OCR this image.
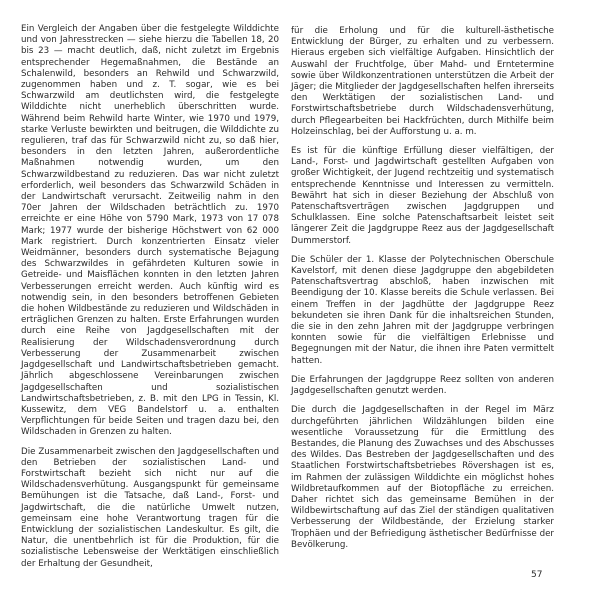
Ein Vergleich der Angaben über die festgelegte Wilddichte und von Jahresstrecken — siehe hierzu die Tabellen 18, 20 bis 23 — macht deutlich, daß, nicht zuletzt im Ergebnis entsprechender Hegemaßnahmen, die Bestände an Schalenwild, besonders an Rehwild und Schwarzwild, zugenommen haben und z. T. sogar, wie es bei Schwarzwild am deutlichsten wird, die festgelegte Wilddichte nicht unerheblich überschritten wurde. Während beim Rehwild harte Winter, wie 1970 und 1979, starke Verluste bewirkten und beitrugen, die Wilddichte zu regulieren, traf das für Schwarzwild nicht zu, so daß hier, besonders in den letzten Jahren, außerordentliche Maßnahmen notwendig wurden, um den Schwarzwildbestand zu reduzieren. Das war nicht zuletzt erforderlich, weil besonders das Schwarzwild Schäden in der Landwirtschaft verursacht. Zeitweilig nahm in den 70er Jahren der Wildschaden beträchtlich zu. 1970 erreichte er eine Höhe von 5790 Mark, 1973 von 17 078 Mark; 1977 wurde der bisherige Höchstwert von 62 000 Mark registriert. Durch konzentrierten Einsatz vieler Weidmänner, besonders durch systematische Bejagung des Schwarzwildes in gefährdeten Kulturen sowie in Getreide- und Maisflächen konnten in den letzten Jahren Verbesserungen erreicht werden. Auch künftig wird es notwendig sein, in den besonders betroffenen Gebieten die hohen Wildbestände zu reduzieren und Wildschäden in erträglichen Grenzen zu halten. Erste Erfahrungen wurden durch eine Reihe von Jagdgesellschaften mit der Realisierung der Wildschadensverordnung durch Verbesserung der Zusammenarbeit zwischen Jagdgesellschaft und Landwirtschaftsbetrieben gemacht. Jährlich abgeschlossene Vereinbarungen zwischen Jagdgesellschaften und sozialistischen Landwirtschaftsbetrieben, z. B. mit den LPG in Tessin, Kl. Kussewitz, dem VEG Bandelstorf u. a. enthalten Verpflichtungen für beide Seiten und tragen dazu bei, den Wildschaden in Grenzen zu halten.

Die Zusammenarbeit zwischen den Jagdgesellschaften und den Betrieben der sozialistischen Land- und Forstwirtschaft bezieht sich nicht nur auf die Wildschadensverhütung. Ausgangspunkt für gemeinsame Bemühungen ist die Tatsache, daß Land-, Forst- und Jagdwirtschaft, die die natürliche Umwelt nutzen, gemeinsam eine hohe Verantwortung tragen für die Entwicklung der sozialistischen Landeskultur. Es gilt, die Natur, die unentbehrlich ist für die Produktion, für die sozialistische Lebensweise der Werktätigen einschließlich der Erhaltung der Gesundheit,

für die Erholung und für die kulturell-ästhetische Entwicklung der Bürger, zu erhalten und zu verbessern. Hieraus ergeben sich vielfältige Aufgaben. Hinsichtlich der Auswahl der Fruchtfolge, über Mahd- und Erntetermine sowie über Wildkonzentrationen unterstützen die Arbeit der Jäger; die Mitglieder der Jagdgesellschaften helfen ihrerseits den Werktätigen der sozialistischen Land- und Forstwirtschaftsbetriebe durch Wildschadensverhütung, durch Pflegearbeiten bei Hackfrüchten, durch Mithilfe beim Holzeinschlag, bei der Aufforstung u. a. m.

Es ist für die künftige Erfüllung dieser vielfältigen, der Land-, Forst- und Jagdwirtschaft gestellten Aufgaben von großer Wichtigkeit, der Jugend rechtzeitig und systematisch entsprechende Kenntnisse und Interessen zu vermitteln. Bewährt hat sich in dieser Beziehung der Abschluß von Patenschaftsverträgen zwischen Jagdgruppen und Schulklassen. Eine solche Patenschaftsarbeit leistet seit längerer Zeit die Jagdgruppe Reez aus der Jagdgesellschaft Dummerstorf.

Die Schüler der 1. Klasse der Polytechnischen Oberschule Kavelstorf, mit denen diese Jagdgruppe den abgebildeten Patenschaftsvertrag abschloß, haben inzwischen mit Beendigung der 10. Klasse bereits die Schule verlassen. Bei einem Treffen in der Jagdhütte der Jagdgruppe Reez bekundeten sie ihren Dank für die inhaltsreichen Stunden, die sie in den zehn Jahren mit der Jagdgruppe verbringen konnten sowie für die vielfältigen Erlebnisse und Begegnungen mit der Natur, die ihnen ihre Paten vermittelt hatten.

Die Erfahrungen der Jagdgruppe Reez sollten von anderen Jagdgesellschaften genutzt werden.

Die durch die Jagdgesellschaften in der Regel im März durchgeführten jährlichen Wildzählungen bilden eine wesentliche Voraussetzung für die Ermittlung des Bestandes, die Planung des Zuwachses und des Abschusses des Wildes. Das Bestreben der Jagdgesellschaften und des Staatlichen Forstwirtschaftsbetriebes Rövershagen ist es, im Rahmen der zulässigen Wilddichte ein möglichst hohes Wildbretaufkommen auf der Biotopfläche zu erreichen. Daher richtet sich das gemeinsame Bemühen in der Wildbewirtschaftung auf das Ziel der ständigen qualitativen Verbesserung der Wildbestände, der Erzielung starker Trophäen und der Befriedigung ästhetischer Bedürfnisse der Bevölkerung.

57
